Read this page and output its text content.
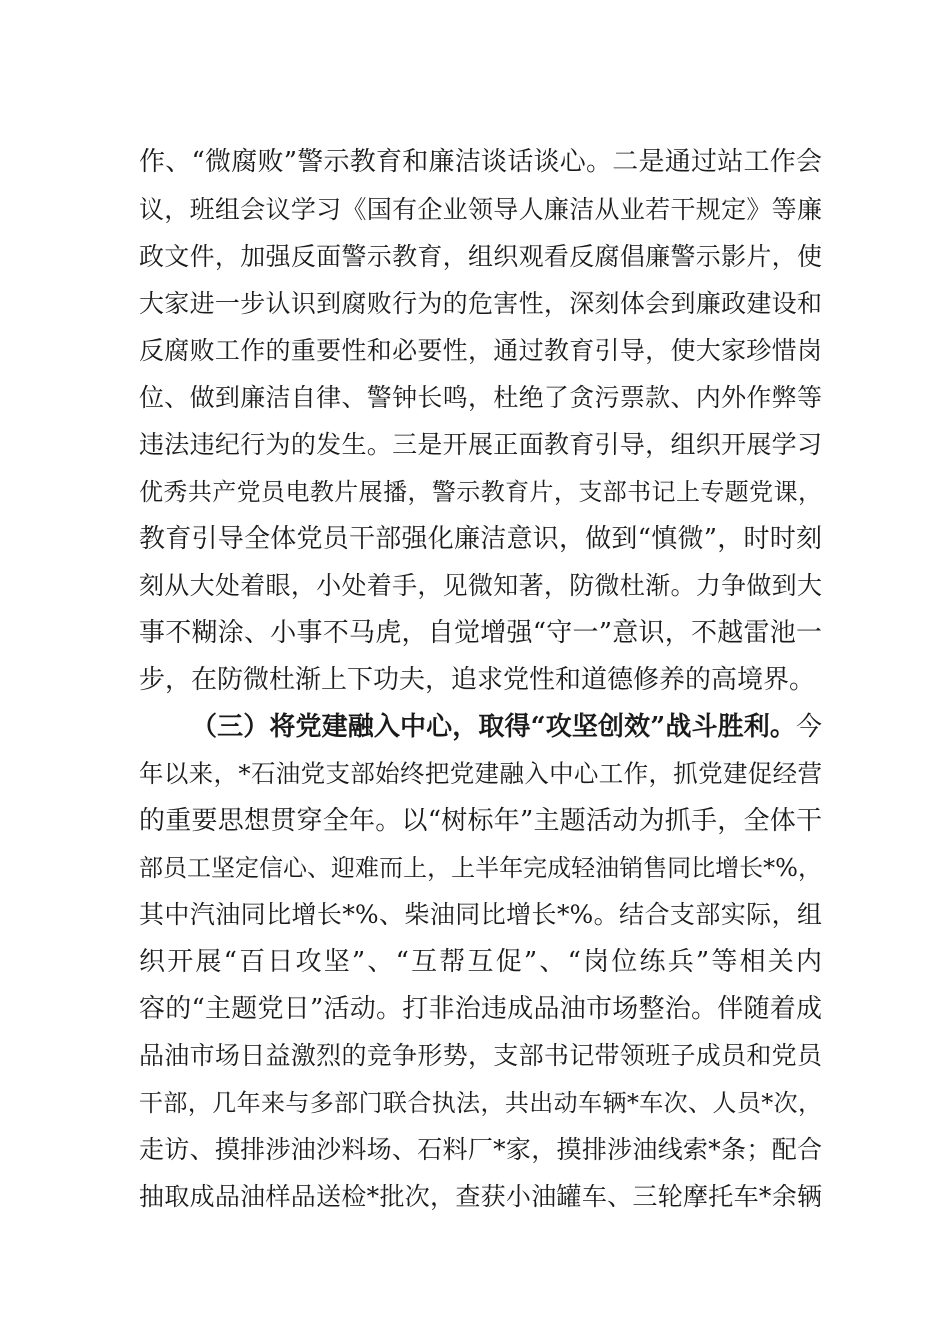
作、“微腐败”警示教育和廉洁谈话谈心。二是通过站工作会
议，班组会议学习《国有企业领导人廉洁从业若干规定》等廉
政文件，加强反面警示教育，组织观看反腐倡廉警示影片，使
大家进一步认识到腐败行为的危害性，深刻体会到廉政建设和
反腐败工作的重要性和必要性，通过教育引导，使大家珍惜岗
位、做到廉洁自律、警钟长鸣，杜绝了贪污票款、内外作弊等
违法违纪行为的发生。三是开展正面教育引导，组织开展学习
优秀共产党员电教片展播，警示教育片，支部书记上专题党课，
教育引导全体党员干部强化廉洁意识，做到“慎微”，时时刻
刻从大处着眼，小处着手，见微知著，防微杜渐。力争做到大
事不糊涂、小事不马虎，自觉增强“守一”意识，不越雷池一
步，在防微杜渐上下功夫，追求党性和道德修养的高境界。
（三）将党建融入中心，取得“攻坚创效”战斗胜利。今
年以来，*石油党支部始终把党建融入中心工作，抓党建促经营
的重要思想贯穿全年。以“树标年”主题活动为抓手，全体干
部员工坚定信心、迎难而上，上半年完成轻油销售同比增长*%，
其中汽油同比增长*%、柴油同比增长*%。结合支部实际，组
织开展“百日攻坚”、“互帮互促”、“岗位练兵”等相关内
容的“主题党日”活动。打非治违成品油市场整治。伴随着成
品油市场日益激烈的竞争形势，支部书记带领班子成员和党员
干部，几年来与多部门联合执法，共出动车辆*车次、人员*次，
走访、摸排涉油沙料场、石料厂*家，摸排涉油线索*条；配合
抽取成品油样品送检*批次，查获小油罐车、三轮摩托车*余辆
